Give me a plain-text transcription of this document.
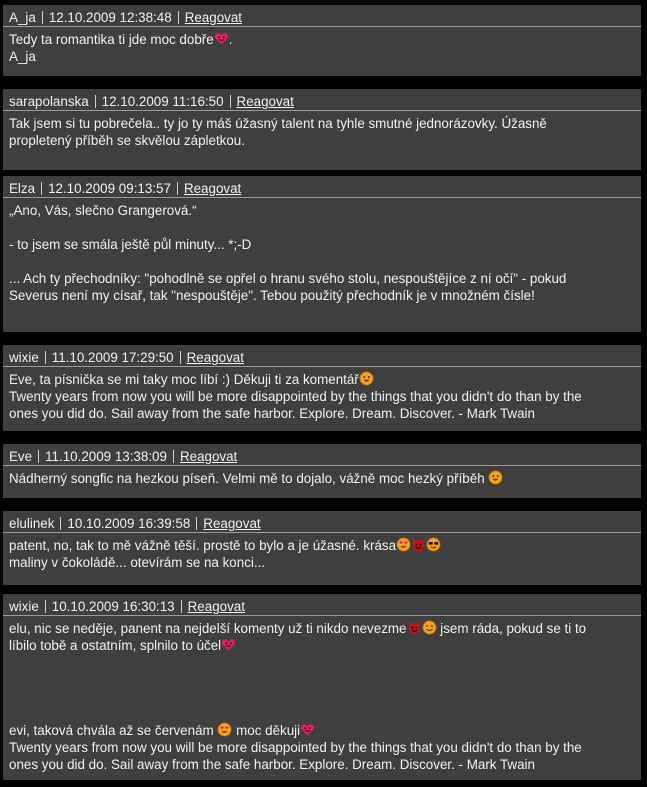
A_ja 12.10.2009 12:38:48 Reagovat
Tedy ta romantika ti jde moc dobře .
A_ja
sarapolanska 12.10.2009 11:16:50 Reagovat
Tak jsem si tu pobrečela.. ty jo ty máš úžasný talent na tyhle smutné jednorázovky. Úžasně
propletený příběh se skvělou zápletkou.
Elza 12.10.2009 09:13:57 Reagovat
„Ano, Vás, slečno Grangerová.“
- to jsem se smála ještě půl minuty... *;-D
... Ach ty přechodníky: "pohodlně se opřel o hranu svého stolu, nespouštějíce z ní očí" - pokud
Severus není my císař, tak "nespouštěje". Tebou použitý přechodník je v množném čísle!
wixie 11.10.2009 17:29:50 Reagovat
Eve, ta písnička se mi taky moc líbí :) Děkuji ti za komentář
Twenty years from now you will be more disappointed by the things that you didn't do than by the
ones you did do. Sail away from the safe harbor. Explore. Dream. Discover. - Mark Twain
Eve 11.10.2009 13:38:09 Reagovat
Nádherný songfic na hezkou píseň. Velmi mě to dojalo, vážně moc hezký příběh
elulinek 10.10.2009 16:39:58 Reagovat
patent, no, tak to mě vážně těší. prostě to bylo a je úžasné. krása
maliny v čokoládě... otevírám se na konci...
wixie 10.10.2009 16:30:13 Reagovat
elu, nic se neděje, panent na nejdelší komenty už ti nikdo nevezme
jsem ráda, pokud se ti to
líbilo tobě a ostatním, splnilo to účel
evi, taková chvála až se červenám
moc děkuji
Twenty years from now you will be more disappointed by the things that you didn't do than by the
ones you did do. Sail away from the safe harbor. Explore. Dream. Discover. - Mark Twain
